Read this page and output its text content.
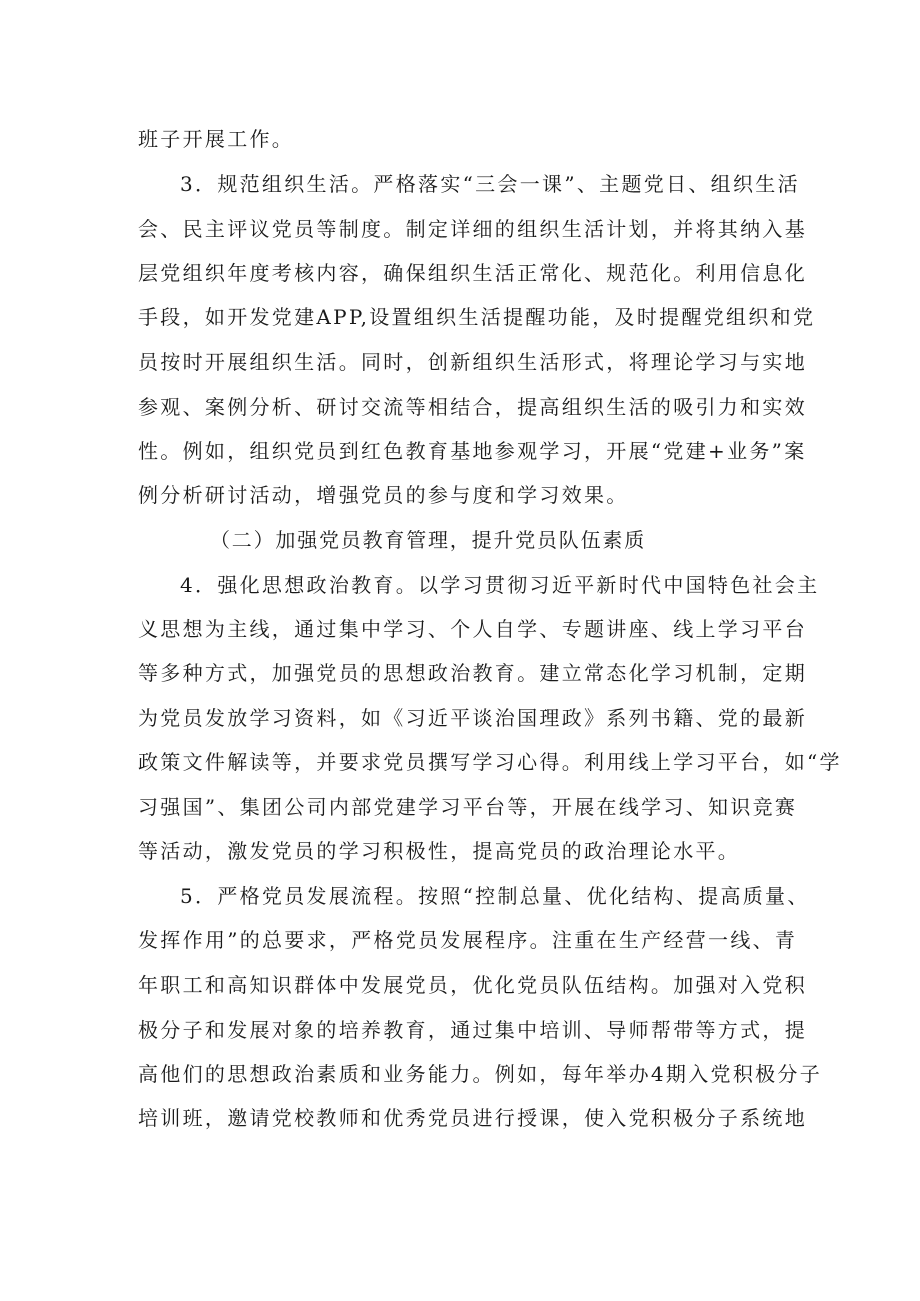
班子开展工作。
3．规范组织生活。严格落实“三会一课”、主题党日、组织生活
会、民主评议党员等制度。制定详细的组织生活计划，并将其纳入基
层党组织年度考核内容，确保组织生活正常化、规范化。利用信息化
手段，如开发党建APP,设置组织生活提醒功能，及时提醒党组织和党
员按时开展组织生活。同时，创新组织生活形式，将理论学习与实地
参观、案例分析、研讨交流等相结合，提高组织生活的吸引力和实效
性。例如，组织党员到红色教育基地参观学习，开展“党建+业务”案
例分析研讨活动，增强党员的参与度和学习效果。
（二）加强党员教育管理，提升党员队伍素质
4．强化思想政治教育。以学习贯彻习近平新时代中国特色社会主
义思想为主线，通过集中学习、个人自学、专题讲座、线上学习平台
等多种方式，加强党员的思想政治教育。建立常态化学习机制，定期
为党员发放学习资料，如《习近平谈治国理政》系列书籍、党的最新
政策文件解读等，并要求党员撰写学习心得。利用线上学习平台，如“学
习强国”、集团公司内部党建学习平台等，开展在线学习、知识竞赛
等活动，激发党员的学习积极性，提高党员的政治理论水平。
5．严格党员发展流程。按照“控制总量、优化结构、提高质量、
发挥作用”的总要求，严格党员发展程序。注重在生产经营一线、青
年职工和高知识群体中发展党员，优化党员队伍结构。加强对入党积
极分子和发展对象的培养教育，通过集中培训、导师帮带等方式，提
高他们的思想政治素质和业务能力。例如，每年举办4期入党积极分子
培训班，邀请党校教师和优秀党员进行授课，使入党积极分子系统地
